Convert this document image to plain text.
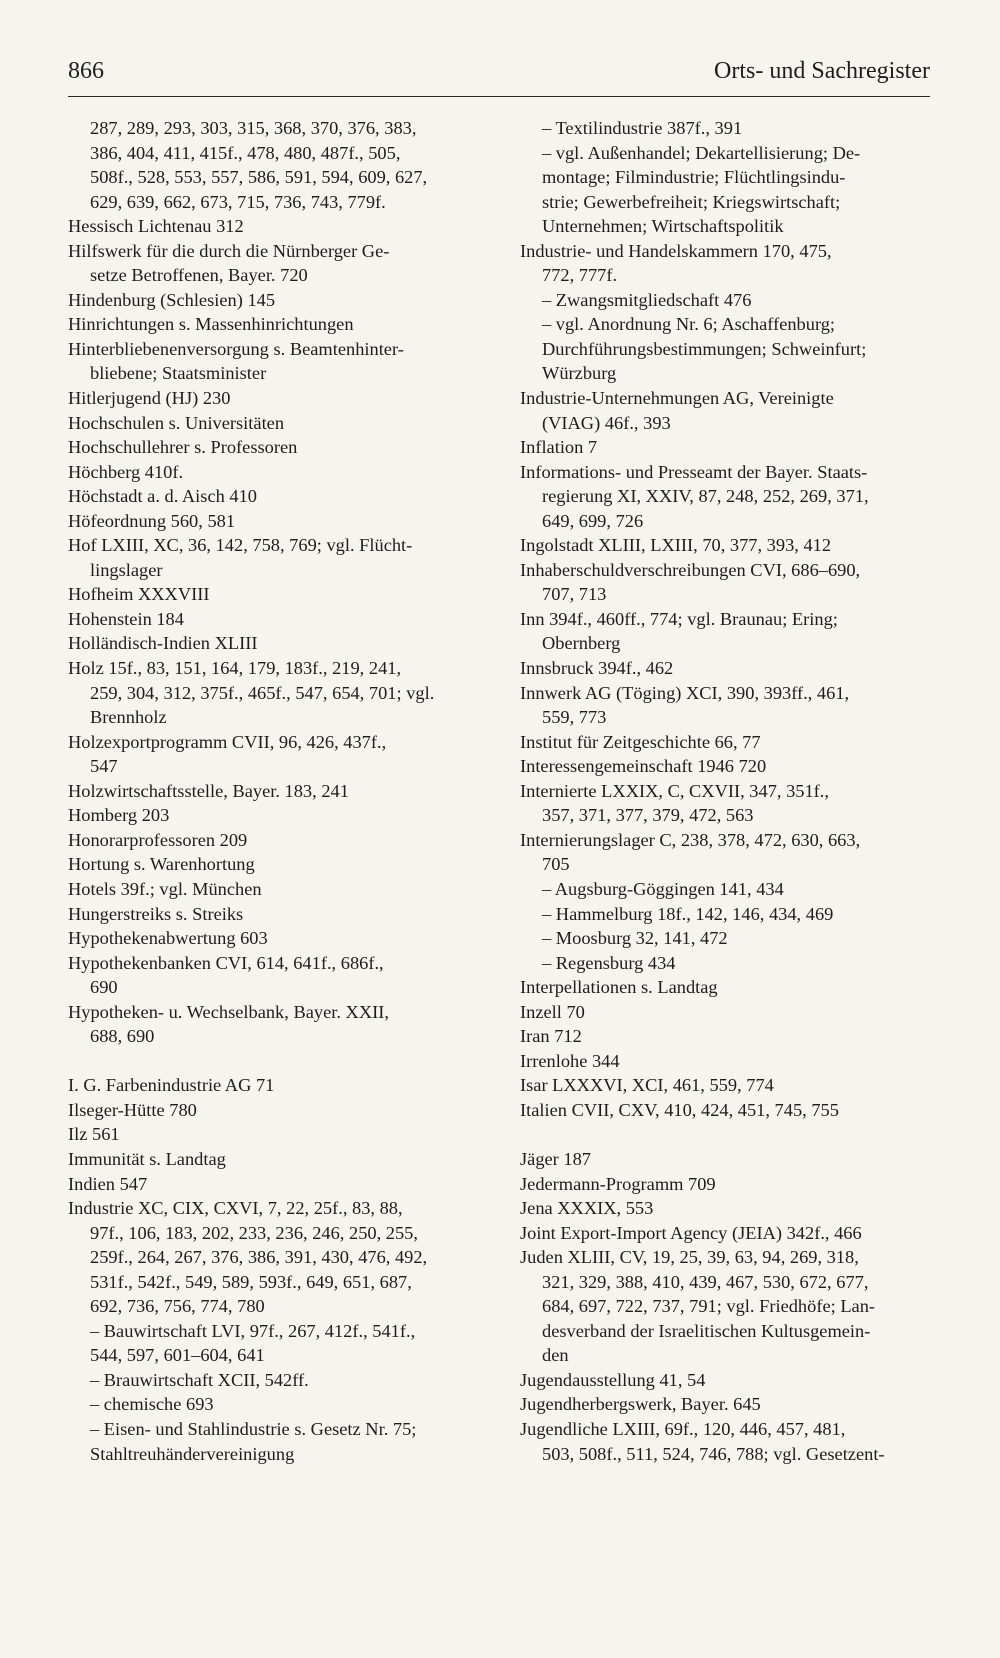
866	Orts- und Sachregister
287, 289, 293, 303, 315, 368, 370, 376, 383,
386, 404, 411, 415f., 478, 480, 487f., 505,
508f., 528, 553, 557, 586, 591, 594, 609, 627,
629, 639, 662, 673, 715, 736, 743, 779f.
Hessisch Lichtenau 312
Hilfswerk für die durch die Nürnberger Ge-
setze Betroffenen, Bayer. 720
Hindenburg (Schlesien) 145
Hinrichtungen s. Massenhinrichtungen
Hinterbliebenenversorgung s. Beamtenhinter-
bliebene; Staatsminister
Hitlerjugend (HJ) 230
Hochschulen s. Universitäten
Hochschullehrer s. Professoren
Höchberg 410f.
Höchstadt a. d. Aisch 410
Höfeordnung 560, 581
Hof LXIII, XC, 36, 142, 758, 769; vgl. Flücht-
lingslager
Hofheim XXXVIII
Hohenstein 184
Holländisch-Indien XLIII
Holz 15f., 83, 151, 164, 179, 183f., 219, 241,
259, 304, 312, 375f., 465f., 547, 654, 701; vgl.
Brennholz
Holzexportprogramm CVII, 96, 426, 437f.,
547
Holzwirtschaftsstelle, Bayer. 183, 241
Homberg 203
Honorarprofessoren 209
Hortung s. Warenhortung
Hotels 39f.; vgl. München
Hungerstreiks s. Streiks
Hypothekenabwertung 603
Hypothekenbanken CVI, 614, 641f., 686f.,
690
Hypotheken- u. Wechselbank, Bayer. XXII,
688, 690
I. G. Farbenindustrie AG 71
Ilseger-Hütte 780
Ilz 561
Immunität s. Landtag
Indien 547
Industrie XC, CIX, CXVI, 7, 22, 25f., 83, 88,
97f., 106, 183, 202, 233, 236, 246, 250, 255,
259f., 264, 267, 376, 386, 391, 430, 476, 492,
531f., 542f., 549, 589, 593f., 649, 651, 687,
692, 736, 756, 774, 780
– Bauwirtschaft LVI, 97f., 267, 412f., 541f.,
544, 597, 601–604, 641
– Brauwirtschaft XCII, 542ff.
– chemische 693
– Eisen- und Stahlindustrie s. Gesetz Nr. 75;
Stahltreuhändervereinigung
– Textilindustrie 387f., 391
– vgl. Außenhandel; Dekartellisierung; De-
montage; Filmindustrie; Flüchtlingsindu-
strie; Gewerbefreiheit; Kriegswirtschaft;
Unternehmen; Wirtschaftspolitik
Industrie- und Handelskammern 170, 475,
772, 777f.
– Zwangsmitgliedschaft 476
– vgl. Anordnung Nr. 6; Aschaffenburg;
Durchführungsbestimmungen; Schweinfurt;
Würzburg
Industrie-Unternehmungen AG, Vereinigte
(VIAG) 46f., 393
Inflation 7
Informations- und Presseamt der Bayer. Staats-
regierung XI, XXIV, 87, 248, 252, 269, 371,
649, 699, 726
Ingolstadt XLIII, LXIII, 70, 377, 393, 412
Inhaberschuldverschreibungen CVI, 686–690,
707, 713
Inn 394f., 460ff., 774; vgl. Braunau; Ering;
Obernberg
Innsbruck 394f., 462
Innwerk AG (Töging) XCI, 390, 393ff., 461,
559, 773
Institut für Zeitgeschichte 66, 77
Interessengemeinschaft 1946 720
Internierte LXXIX, C, CXVII, 347, 351f.,
357, 371, 377, 379, 472, 563
Internierungslager C, 238, 378, 472, 630, 663,
705
– Augsburg-Göggingen 141, 434
– Hammelburg 18f., 142, 146, 434, 469
– Moosburg 32, 141, 472
– Regensburg 434
Interpellationen s. Landtag
Inzell 70
Iran 712
Irrenlohe 344
Isar LXXXVI, XCI, 461, 559, 774
Italien CVII, CXV, 410, 424, 451, 745, 755
Jäger 187
Jedermann-Programm 709
Jena XXXIX, 553
Joint Export-Import Agency (JEIA) 342f., 466
Juden XLIII, CV, 19, 25, 39, 63, 94, 269, 318,
321, 329, 388, 410, 439, 467, 530, 672, 677,
684, 697, 722, 737, 791; vgl. Friedhöfe; Lan-
desverband der Israelitischen Kultusgemein-
den
Jugendausstellung 41, 54
Jugendherbergswerk, Bayer. 645
Jugendliche LXIII, 69f., 120, 446, 457, 481,
503, 508f., 511, 524, 746, 788; vgl. Gesetzent-
